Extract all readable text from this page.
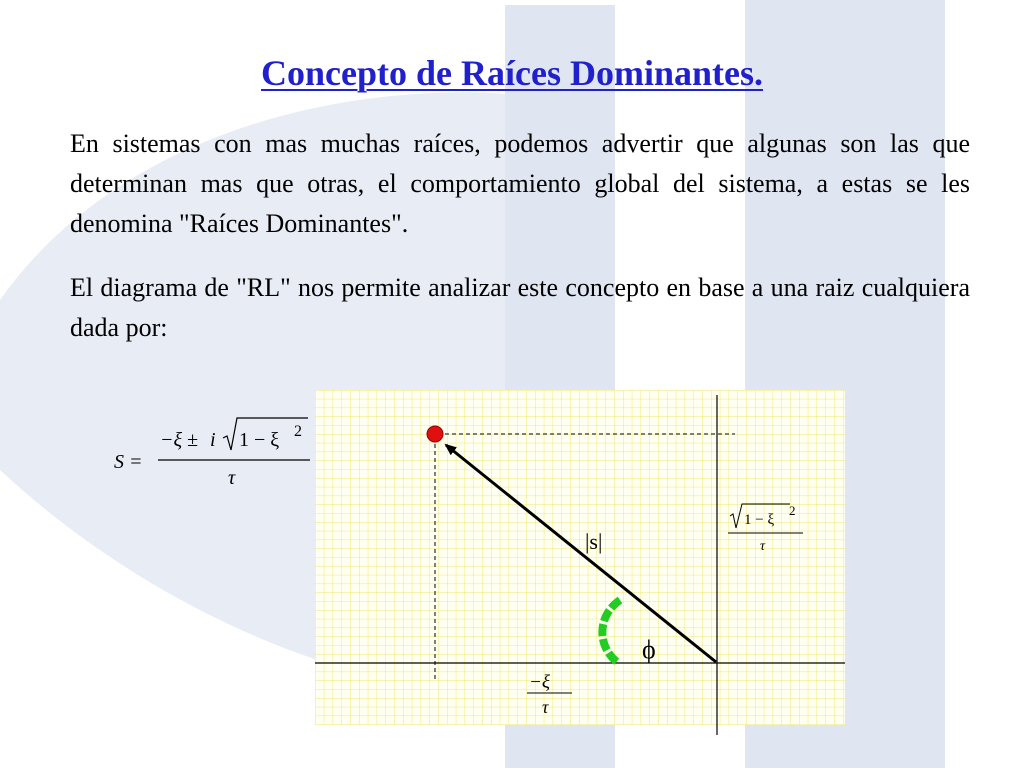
Concepto de Raíces Dominantes.
En sistemas con mas muchas raíces, podemos advertir que algunas son las que determinan mas que otras, el comportamiento global del sistema, a estas se les denomina "Raíces Dominantes".
El diagrama de "RL" nos permite analizar este concepto en base a una raiz cualquiera dada por:
S =
−ξ ± i 1 − ξ 2
τ
|s|
ϕ
1 − ξ
2
τ
−ξ
τ
